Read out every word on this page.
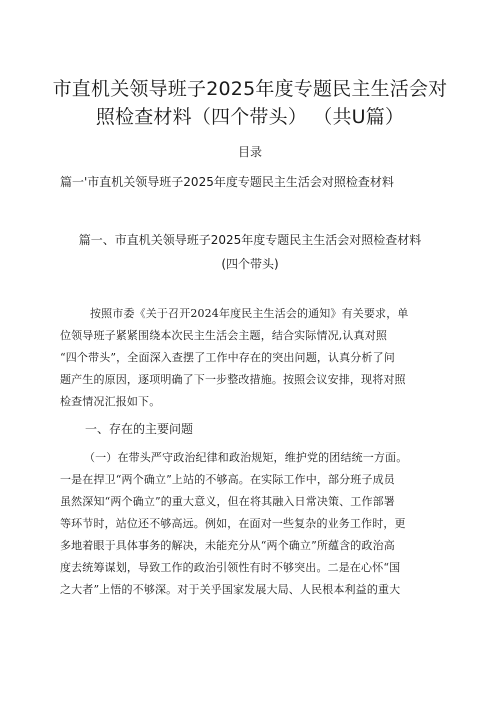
市直机关领导班子2025年度专题民主生活会对
照检查材料（四个带头） （共U篇）
目录
篇一'市直机关领导班子2025年度专题民主生活会对照检查材料
篇一、市直机关领导班子2025年度专题民主生活会对照检查材料
(四个带头)
按照市委《关于召开2024年度民主生活会的通知》有关要求，单
位领导班子紧紧围绕本次民主生活会主题，结合实际情况,认真对照
“四个带头”，全面深入查摆了工作中存在的突出问题，认真分析了问
题产生的原因，逐项明确了下一步整改措施。按照会议安排，现将对照
检查情况汇报如下。
一、存在的主要问题
（一）在带头严守政治纪律和政治规矩，维护党的团结统一方面。
一是在捍卫“两个确立”上站的不够高。在实际工作中，部分班子成员
虽然深知“两个确立”的重大意义，但在将其融入日常决策、工作部署
等环节时，站位还不够高远。例如，在面对一些复杂的业务工作时，更
多地着眼于具体事务的解决，未能充分从“两个确立”所蕴含的政治高
度去统筹谋划，导致工作的政治引领性有时不够突出。二是在心怀“国
之大者”上悟的不够深。对于关乎国家发展大局、人民根本利益的重大
